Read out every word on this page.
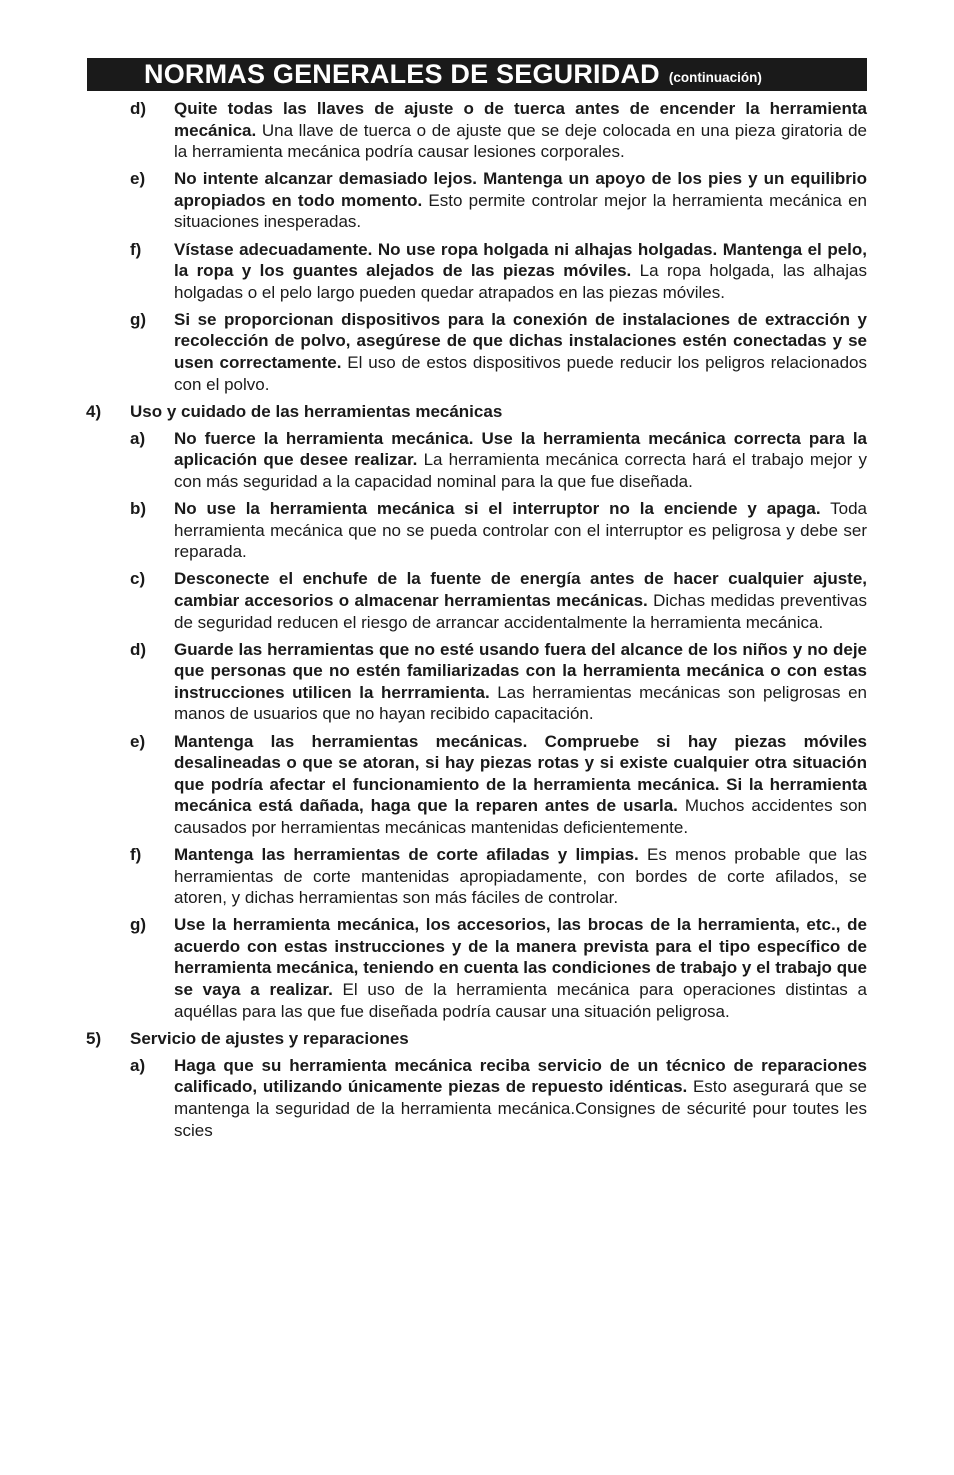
NORMAS GENERALES DE SEGURIDAD (continuación)
d) Quite todas las llaves de ajuste o de tuerca antes de encender la herramienta mecánica. Una llave de tuerca o de ajuste que se deje colocada en una pieza giratoria de la herramienta mecánica podría causar lesiones corporales.
e) No intente alcanzar demasiado lejos. Mantenga un apoyo de los pies y un equilibrio apropiados en todo momento. Esto permite controlar mejor la herramienta mecánica en situaciones inesperadas.
f) Vístase adecuadamente. No use ropa holgada ni alhajas holgadas. Mantenga el pelo, la ropa y los guantes alejados de las piezas móviles. La ropa holgada, las alhajas holgadas o el pelo largo pueden quedar atrapados en las piezas móviles.
g) Si se proporcionan dispositivos para la conexión de instalaciones de extracción y recolección de polvo, asegúrese de que dichas instalaciones estén conectadas y se usen correctamente. El uso de estos dispositivos puede reducir los peligros relacionados con el polvo.
4) Uso y cuidado de las herramientas mecánicas
a) No fuerce la herramienta mecánica. Use la herramienta mecánica correcta para la aplicación que desee realizar. La herramienta mecánica correcta hará el trabajo mejor y con más seguridad a la capacidad nominal para la que fue diseñada.
b) No use la herramienta mecánica si el interruptor no la enciende y apaga. Toda herramienta mecánica que no se pueda controlar con el interruptor es peligrosa y debe ser reparada.
c) Desconecte el enchufe de la fuente de energía antes de hacer cualquier ajuste, cambiar accesorios o almacenar herramientas mecánicas. Dichas medidas preventivas de seguridad reducen el riesgo de arrancar accidentalmente la herramienta mecánica.
d) Guarde las herramientas que no esté usando fuera del alcance de los niños y no deje que personas que no estén familiarizadas con la herramienta mecánica o con estas instrucciones utilicen la herrramienta. Las herramientas mecánicas son peligrosas en manos de usuarios que no hayan recibido capacitación.
e) Mantenga las herramientas mecánicas. Compruebe si hay piezas móviles desalineadas o que se atoran, si hay piezas rotas y si existe cualquier otra situación que podría afectar el funcionamiento de la herramienta mecánica. Si la herramienta mecánica está dañada, haga que la reparen antes de usarla. Muchos accidentes son causados por herramientas mecánicas mantenidas deficientemente.
f) Mantenga las herramientas de corte afiladas y limpias. Es menos probable que las herramientas de corte mantenidas apropiadamente, con bordes de corte afilados, se atoren, y dichas herramientas son más fáciles de controlar.
g) Use la herramienta mecánica, los accesorios, las brocas de la herramienta, etc., de acuerdo con estas instrucciones y de la manera prevista para el tipo específico de herramienta mecánica, teniendo en cuenta las condiciones de trabajo y el trabajo que se vaya a realizar. El uso de la herramienta mecánica para operaciones distintas a aquéllas para las que fue diseñada podría causar una situación peligrosa.
5) Servicio de ajustes y reparaciones
a) Haga que su herramienta mecánica reciba servicio de un técnico de reparaciones calificado, utilizando únicamente piezas de repuesto idénticas. Esto asegurará que se mantenga la seguridad de la herramienta mecánica.Consignes de sécurité pour toutes les scies
